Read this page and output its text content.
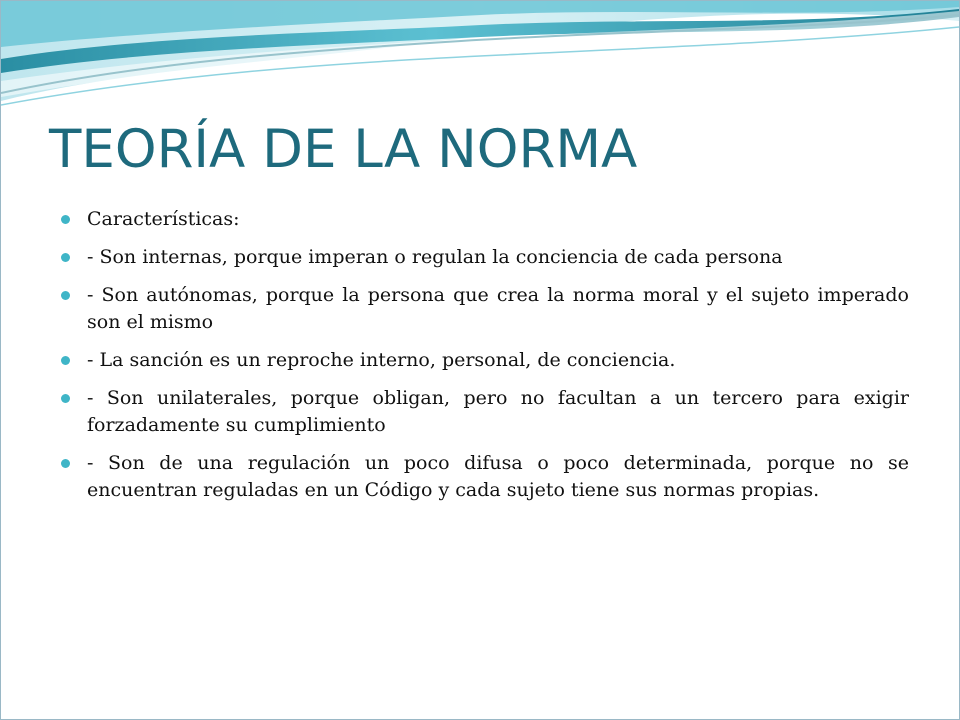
TEORÍA DE LA NORMA
Características:
- Son internas, porque imperan o regulan la conciencia de cada persona
- Son autónomas, porque la persona que crea la norma moral y el sujeto imperado son el mismo
- La sanción es un reproche interno, personal, de conciencia.
- Son unilaterales, porque obligan, pero no facultan a un tercero para exigir forzadamente su cumplimiento
- Son de una regulación un poco difusa o poco determinada, porque no se encuentran reguladas en un Código y cada sujeto tiene sus normas propias.
